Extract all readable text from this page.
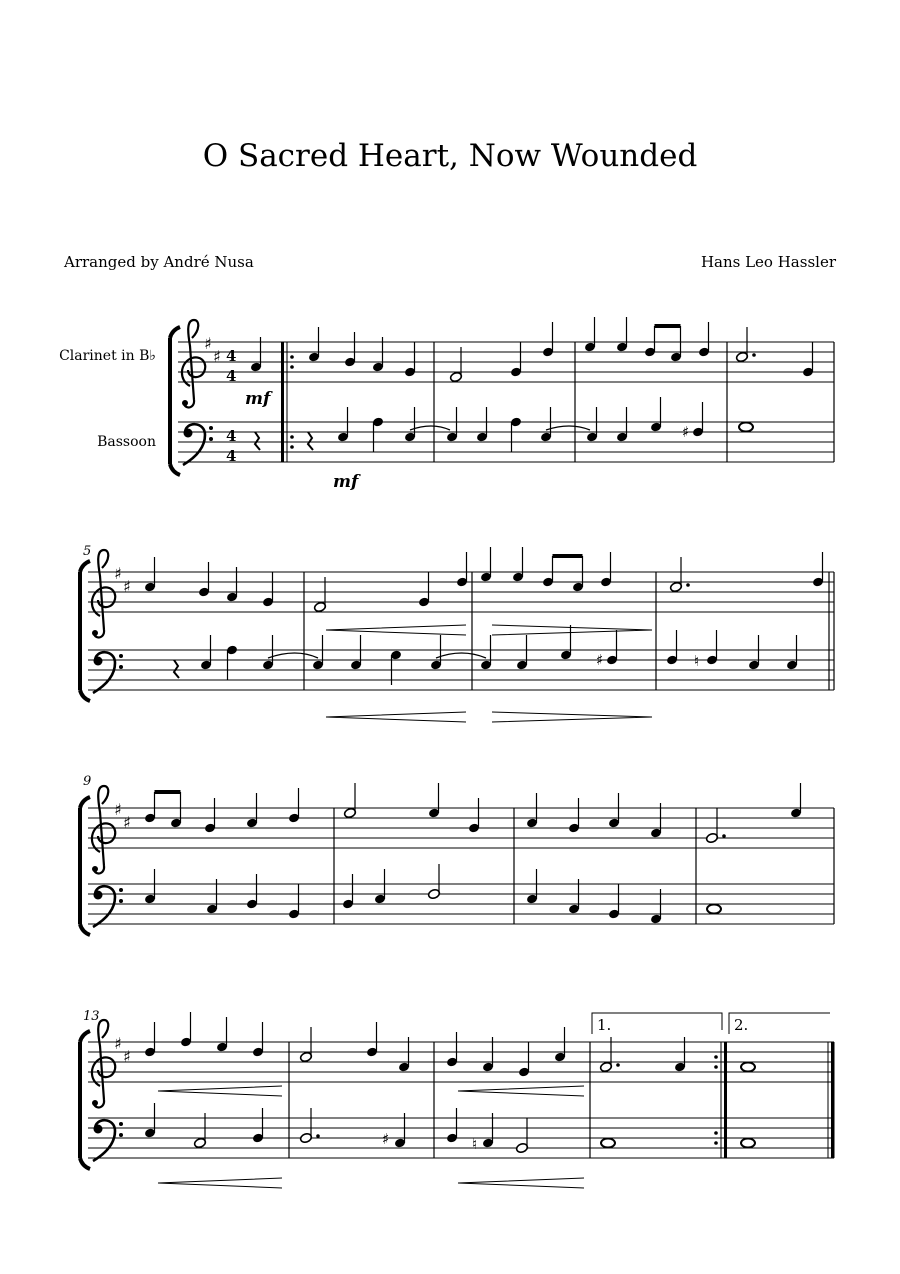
O Sacred Heart, Now Wounded
Arranged by André Nusa	Hans Leo Hassler
Clarinet in B♭
Bassoon
5
9
13
♯
♯ 4
4
4
4
mf
mf
♯
♯
♯
♯	♮
♯
♯
♯
♯
1.	2.
♯	♮
